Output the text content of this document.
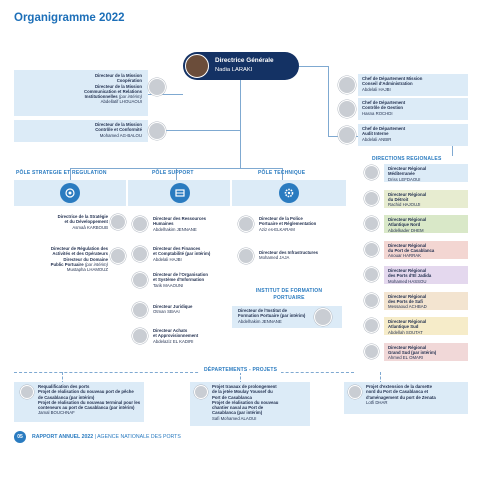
Organigramme 2022
Directrice Générale
Nadia LARAKI
Directeur de la Mission
Coopération
Directeur de la Mission
Communication et Relations
Institutionnelles (par intérim)
Abdellatif LHOUAOUI
Directeur de la Mission
Contrôle et Conformité
Mohamed AG-BALOU
Chef de Département Mission
Conseil d'Administration
Abdelali HAJBI
Chef de Département
Contrôle de Gestion
Hasna ROCHDI
Chef de Département
Audit Interne
Abdelali ANBIR
PÔLE STRATEGIE ET REGULATION	PÔLE SUPPORT	PÔLE TECHNIQUE
Directrice de la Stratégie
et du Développement
Asmaâ KARBOUB
Directeur de Régulation des
Activités et des Opérateurs
Directeur du Domaine
Public Portuaire (par intérim)
Mustapha LHAMOUZ
Directeur des Ressources
Humaines
Abdelhakim JENNANE
Directeur des Finances
et Comptabilité (par intérim)
Abdelali HAJBI
Directeur de l'Organisation
et Système d'Information
Tarik MAAOUNI
Directeur Juridique
Otman SBAAI
Directeur Achats
et Approvisionnement
Abdelaziz EL KADIRI
Directeur de la Police
Portuaire et Réglementation
Aziz es-ELKARAM
Directeur des Infrastructures
Mohamed JAJA
INSTITUT DE FORMATION PORTUAIRE
Directeur de l'Institut de
Formation Portuaire (par intérim)
Abdelhakim JENNANE
DIRECTIONS REGIONALES
Directeur Régional
Méditerranée
Driss LEFDAOUI
Directeur Régional
du Détroit
Rachid HAJOUJI
Directeur Régional
Atlantique Nord
Abdelkader DHEM
Directeur Régional
du Port de Casablanca
Anouar HARRAK
Directeur Régional
des Ports d'El Jadida
Mohamed HASSOU
Directeur Régional
des Ports de Safi
Messaoud ACHBAD
Directeur Régional
Atlantique Sud
Abdellah SOUTAT
Directeur Régional
Grand Sud (par intérim)
Ahmed EL OMARI
DÉPARTEMENTS - PROJETS
Requalification des ports
Projet de réalisation du nouveau port de pêche
de Casablanca (par intérim)
Projet de réalisation du nouveau terminal pour les
conteneurs au port de Casablanca (par intérim)
Jamal BOUCHNAF
Projet travaux de prolongement
de la jetée Moulay Youssef du
Port de Casablanca
Projet de réalisation du nouveau
chantier naval au Port de
Casablanca (par intérim)
Safi Mohamed ALAOUI
Projet d'extension de la darsette
nord du Port de Casablanca et
d'aménagement du port de Zenata
Lotfi DHAR
05	RAPPORT ANNUEL 2022 | AGENCE NATIONALE DES PORTS
